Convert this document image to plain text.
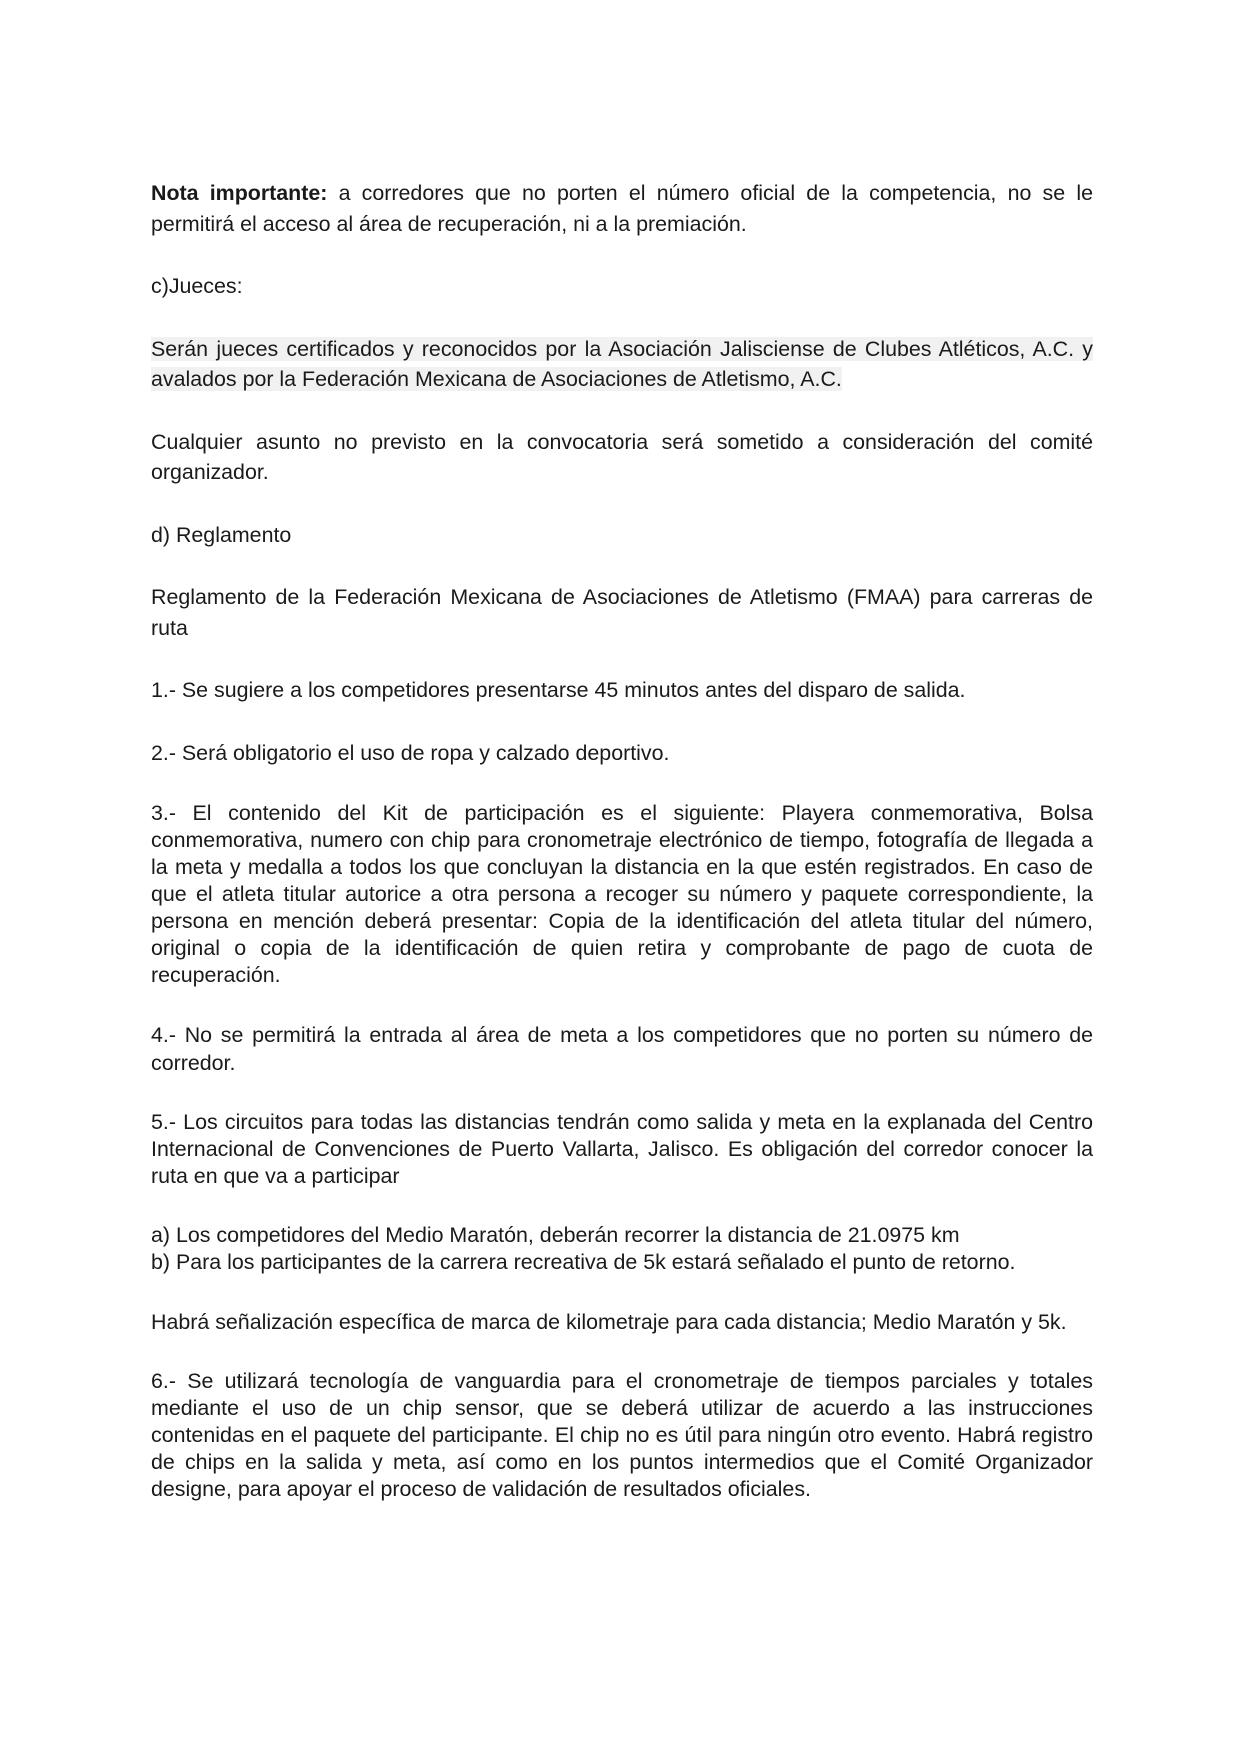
Nota importante: a corredores que no porten el número oficial de la competencia, no se le permitirá el acceso al área de recuperación, ni a la premiación.

c)Jueces:

Serán jueces certificados y reconocidos por la Asociación Jalisciense de Clubes Atléticos, A.C. y avalados por la Federación Mexicana de Asociaciones de Atletismo, A.C.

Cualquier asunto no previsto en la convocatoria será sometido a consideración del comité organizador.

d) Reglamento

Reglamento de la Federación Mexicana de Asociaciones de Atletismo (FMAA) para carreras de ruta

1.- Se sugiere a los competidores presentarse 45 minutos antes del disparo de salida.

2.- Será obligatorio el uso de ropa y calzado deportivo.

3.- El contenido del Kit de participación es el siguiente: Playera conmemorativa, Bolsa conmemorativa, numero con chip para cronometraje electrónico de tiempo, fotografía de llegada a la meta y medalla a todos los que concluyan la distancia en la que estén registrados. En caso de que el atleta titular autorice a otra persona a recoger su número y paquete correspondiente, la persona en mención deberá presentar: Copia de la identificación del atleta titular del número, original o copia de la identificación de quien retira y comprobante de pago de cuota de recuperación.

4.- No se permitirá la entrada al área de meta a los competidores que no porten su número de corredor.

5.- Los circuitos para todas las distancias tendrán como salida y meta en la explanada del Centro Internacional de Convenciones de Puerto Vallarta, Jalisco. Es obligación del corredor conocer la ruta en que va a participar

a) Los competidores del Medio Maratón, deberán recorrer la distancia de 21.0975 km
b) Para los participantes de la carrera recreativa de 5k estará señalado el punto de retorno.

Habrá señalización específica de marca de kilometraje para cada distancia; Medio Maratón y 5k.

6.- Se utilizará tecnología de vanguardia para el cronometraje de tiempos parciales y totales mediante el uso de un chip sensor, que se deberá utilizar de acuerdo a las instrucciones contenidas en el paquete del participante. El chip no es útil para ningún otro evento. Habrá registro de chips en la salida y meta, así como en los puntos intermedios que el Comité Organizador designe, para apoyar el proceso de validación de resultados oficiales.
